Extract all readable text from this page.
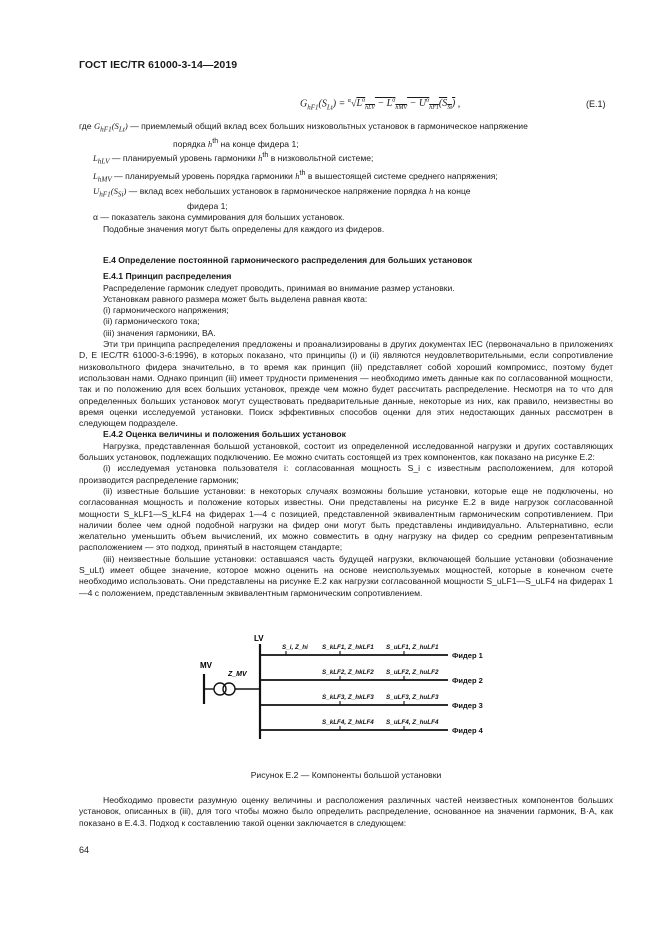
ГОСТ IEC/TR 61000-3-14—2019
$G_{hF1}(S_{Lt}) = ^\alpha√L^\alpha_{hLV} - L^\alpha_{hMV} - U^\alpha_{hF1}(S_{St})$ ,	(E.1)

где $G_{hF1}(S_{Lt})$ — приемлемый общий вклад всех больших низковольтных установок в гармоническое напряжение
порядка $h^{th}$ на конце фидера 1;

$L_{hLV}$ — планируемый уровень гармоники $h^{th}$ в низковольтной системе;

$L_{hMV}$ — планируемый уровень порядка гармоники $h^{th}$ в вышестоящей системе среднего напряжения;

$U_{hF1}(S_{Si})$ — вклад всех небольших установок в гармоническое напряжение порядка h на конце
фидера 1;

α — показатель закона суммирования для больших установок.

Подобные значения могут быть определены для каждого из фидеров.

E.4 Определение постоянной гармонического распределения для больших установок

E.4.1 Принцип распределения

Распределение гармоник следует проводить, принимая во внимание размер установки.

Установкам равного размера может быть выделена равная квота:

(i) гармонического напряжения;

(ii) гармонического тока;

(iii) значения гармоники, ВА.

Эти три принципа распределения предложены и проанализированы в других документах IEC (первоначально в приложениях D, E IEC/TR 61000-3-6:1996), в которых показано, что принципы (i) и (ii) являются неудовлетворительными, если сопротивление низковольтного фидера значительно, в то время как принцип (iii) представляет собой хороший компромисс, поэтому будет использован нами. Однако принцип (iii) имеет трудности применения — необходимо иметь данные как по согласованной мощности, так и по положению для всех больших установок, прежде чем можно будет рассчитать распределение. Несмотря на то что для определенных больших установок могут существовать предварительные данные, некоторые из них, как правило, неизвестны во время оценки исследуемой установки. Поиск эффективных способов оценки для этих недостающих данных рассмотрен в следующем подразделе.

E.4.2 Оценка величины и положения больших установок

Нагрузка, представленная большой установкой, состоит из определенной исследованной нагрузки и других составляющих больших установок, подлежащих подключению. Ее можно считать состоящей из трех компонентов, как показано на рисунке E.2:

(i) исследуемая установка пользователя i: согласованная мощность S_i с известным расположением, для которой производится распределение гармоник;

(ii) известные большие установки: в некоторых случаях возможны большие установки, которые еще не подключены, но согласованная мощность и положение которых известны. Они представлены на рисунке E.2 в виде нагрузок согласованной мощности S_kLF1—S_kLF4 на фидерах 1—4 с позицией, представленной эквивалентным гармоническим сопротивлением. При наличии более чем одной подобной нагрузки на фидер они могут быть представлены индивидуально. Альтернативно, если желательно уменьшить объем вычислений, их можно совместить в одну нагрузку на фидер со средним репрезентативным расположением — это подход, принятый в настоящем стандарте;

(iii) неизвестные большие установки: оставшаяся часть будущей нагрузки, включающей большие установки (обозначение S_uLt) имеет общее значение, которое можно оценить на основе неиспользуемых мощностей, которые в конечном счете необходимо использовать. Они представлены на рисунке E.2 как нагрузки согласованной мощности S_uLF1—S_uLF4 на фидерах 1—4 с положением, представленным эквивалентным гармоническим сопротивлением.

MV
Z_MV
LV
S_i, Z_hi S_kLF1, Z_hkLF1 S_uLF1, Z_huLF1
S_kLF2, Z_hkLF2 S_uLF2, Z_huLF2
S_kLF3, Z_hkLF3 S_uLF3, Z_huLF3
S_kLF4, Z_hkLF4 S_uLF4, Z_huLF4
Фидер 1
Фидер 2
Фидер 3
Фидер 4
Рисунок E.2 — Компоненты большой установки

Необходимо провести разумную оценку величины и расположения различных частей неизвестных компонентов больших установок, описанных в (iii), для того чтобы можно было определить распределение, основанное на значении гармоник, В·А, как показано в E.4.3. Подход к составлению такой оценки заключается в следующем:

64
